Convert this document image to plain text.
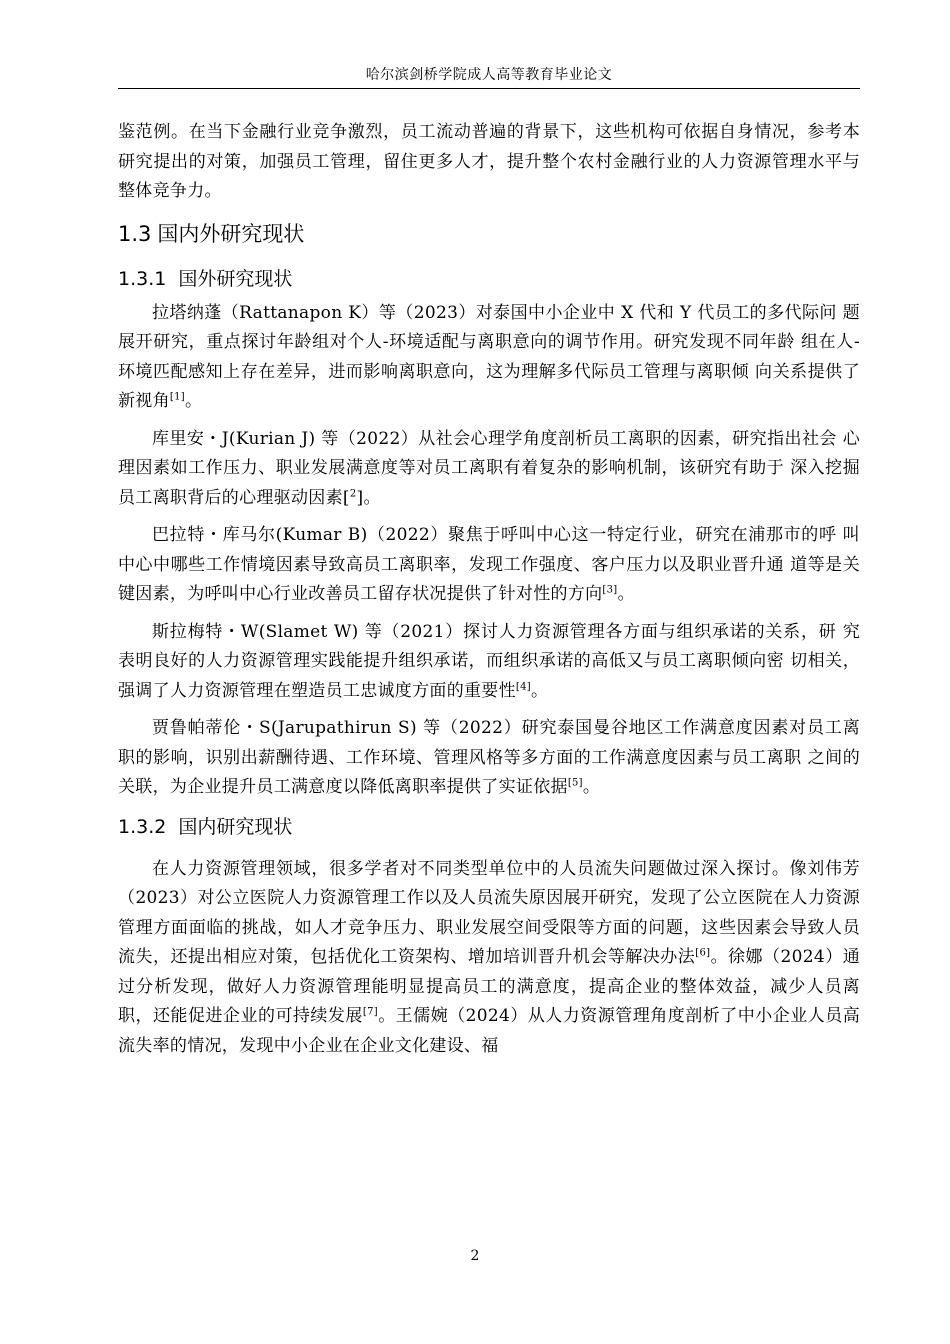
哈尔滨剑桥学院成人高等教育毕业论文

鉴范例。在当下金融行业竞争激烈，员工流动普遍的背景下，这些机构可依据自身情况，参考本研究提出的对策，加强员工管理，留住更多人才，提升整个农村金融行业的人力资源管理水平与整体竞争力。

1.3 国内外研究现状
1.3.1 国外研究现状

拉塔纳蓬（Rattanapon K）等（2023）对泰国中小企业中 X 代和 Y 代员工的多代际问 题展开研究，重点探讨年龄组对个人-环境适配与离职意向的调节作用。研究发现不同年龄 组在人-环境匹配感知上存在差异，进而影响离职意向，这为理解多代际员工管理与离职倾 向关系提供了新视角[1]。

库里安・J(Kurian J) 等（2022）从社会心理学角度剖析员工离职的因素，研究指出社会 心理因素如工作压力、职业发展满意度等对员工离职有着复杂的影响机制，该研究有助于 深入挖掘员工离职背后的心理驱动因素[$^2$]。

巴拉特・库马尔(Kumar B)（2022）聚焦于呼叫中心这一特定行业，研究在浦那市的呼 叫中心中哪些工作情境因素导致高员工离职率，发现工作强度、客户压力以及职业晋升通 道等是关键因素，为呼叫中心行业改善员工留存状况提供了针对性的方向[3]。

斯拉梅特・W(Slamet W) 等（2021）探讨人力资源管理各方面与组织承诺的关系，研 究表明良好的人力资源管理实践能提升组织承诺，而组织承诺的高低又与员工离职倾向密 切相关，强调了人力资源管理在塑造员工忠诚度方面的重要性[4]。

贾鲁帕蒂伦・S(Jarupathirun S) 等（2022）研究泰国曼谷地区工作满意度因素对员工离 职的影响，识别出薪酬待遇、工作环境、管理风格等多方面的工作满意度因素与员工离职 之间的关联，为企业提升员工满意度以降低离职率提供了实证依据[5]。

1.3.2 国内研究现状

在人力资源管理领域，很多学者对不同类型单位中的人员流失问题做过深入探讨。像刘伟芳（2023）对公立医院人力资源管理工作以及人员流失原因展开研究，发现了公立医院在人力资源管理方面面临的挑战，如人才竞争压力、职业发展空间受限等方面的问题，这些因素会导致人员流失，还提出相应对策，包括优化工资架构、增加培训晋升机会等解决办法[6]。徐娜（2024）通过分析发现，做好人力资源管理能明显提高员工的满意度，提高企业的整体效益，减少人员离职，还能促进企业的可持续发展[7]。王儒婉（2024）从人力资源管理角度剖析了中小企业人员高流失率的情况，发现中小企业在企业文化建设、福

2
